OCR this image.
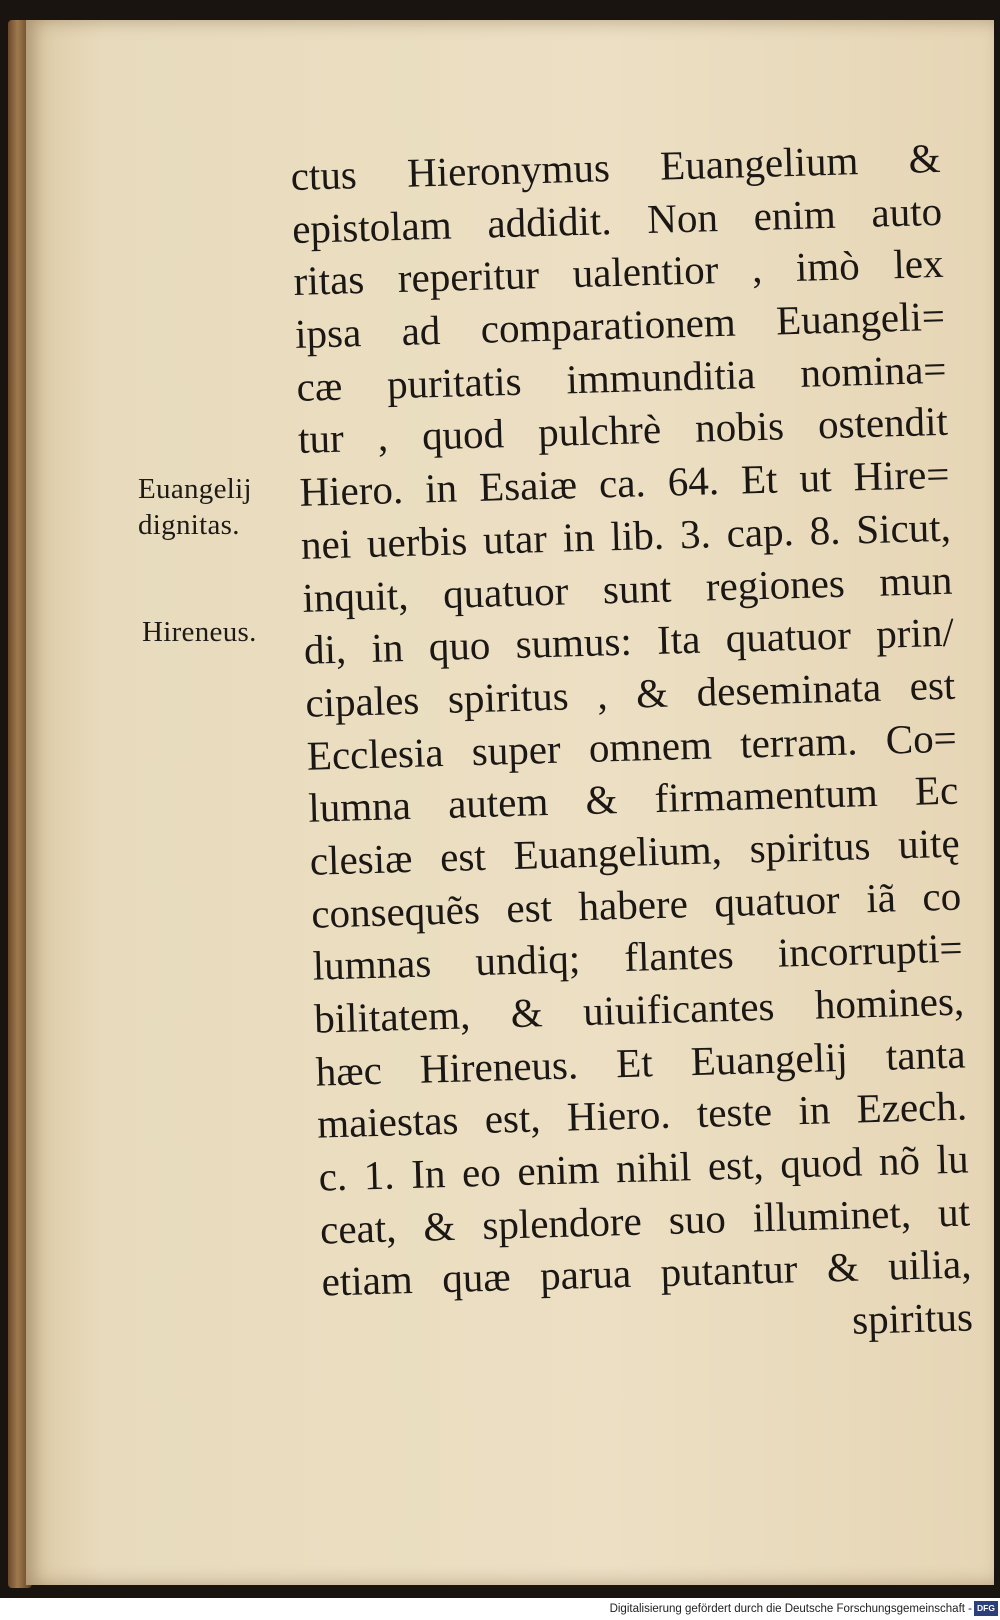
Euangelij
dignitas.
Hireneus.
ctus Hieronymus Euangelium &
epistolam addidit. Non enim auto
ritas reperitur ualentior , imò lex
ipsa ad comparationem Euangeli=
cæ puritatis immunditia nomina=
tur , quod pulchrè nobis ostendit
Hiero. in Esaiæ ca. 64. Et ut Hire=
nei uerbis utar in lib. 3. cap. 8. Sicut,
inquit, quatuor sunt regiones mun
di, in quo sumus: Ita quatuor prin/
cipales spiritus , & deseminata est
Ecclesia super omnem terram. Co=
lumna autem & firmamentum Ec
clesiæ est Euangelium, spiritus uitę
consequẽs est habere quatuor iã co
lumnas undiq; flantes incorrupti=
bilitatem, & uiuificantes homines,
hæc Hireneus. Et Euangelij tanta
maiestas est, Hiero. teste in Ezech.
c. 1. In eo enim nihil est, quod nõ lu
ceat, & splendore suo illuminet, ut
etiam quæ parua putantur & uilia,
spiritus
Digitalisierung gefördert durch die Deutsche Forschungsgemeinschaft - DFG
